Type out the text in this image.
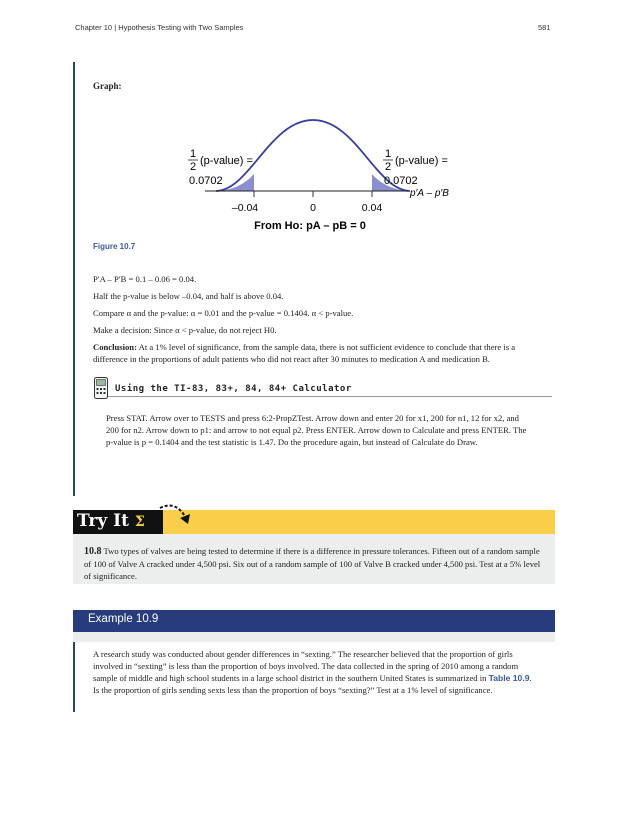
Chapter 10 | Hypothesis Testing with Two Samples	581
Graph:
–0.04	0	0.04
1
2 (p-value) =
0.0702
1
2 (p-value) =
0.0702
p′A – p′B
From Ho: pA – pB = 0
Figure 10.7

P′A – P′B = 0.1 – 0.06 = 0.04.

Half the p-value is below –0.04, and half is above 0.04.

Compare α and the p-value: α = 0.01 and the p-value = 0.1404. α < p-value.

Make a decision: Since α < p-value, do not reject H0.

Conclusion: At a 1% level of significance, from the sample data, there is not sufficient evidence to conclude that there is a difference in the proportions of adult patients who did not react after 30 minutes to medication A and medication B.

Using the TI-83, 83+, 84, 84+ Calculator

Press STAT. Arrow over to TESTS and press 6:2-PropZTest. Arrow down and enter 20 for x1, 200 for n1, 12 for x2, and 200 for n2. Arrow down to p1: and arrow to not equal p2. Press ENTER. Arrow down to Calculate and press ENTER. The p-value is p = 0.1404 and the test statistic is 1.47. Do the procedure again, but instead of Calculate do Draw.

Try It Σ

10.8 Two types of valves are being tested to determine if there is a difference in pressure tolerances. Fifteen out of a random sample of 100 of Valve A cracked under 4,500 psi. Six out of a random sample of 100 of Valve B cracked under 4,500 psi. Test at a 5% level of significance.

Example 10.9

A research study was conducted about gender differences in “sexting.” The researcher believed that the proportion of girls involved in “sexting” is less than the proportion of boys involved. The data collected in the spring of 2010 among a random sample of middle and high school students in a large school district in the southern United States is summarized in Table 10.9. Is the proportion of girls sending sexts less than the proportion of boys “sexting?” Test at a 1% level of significance.
